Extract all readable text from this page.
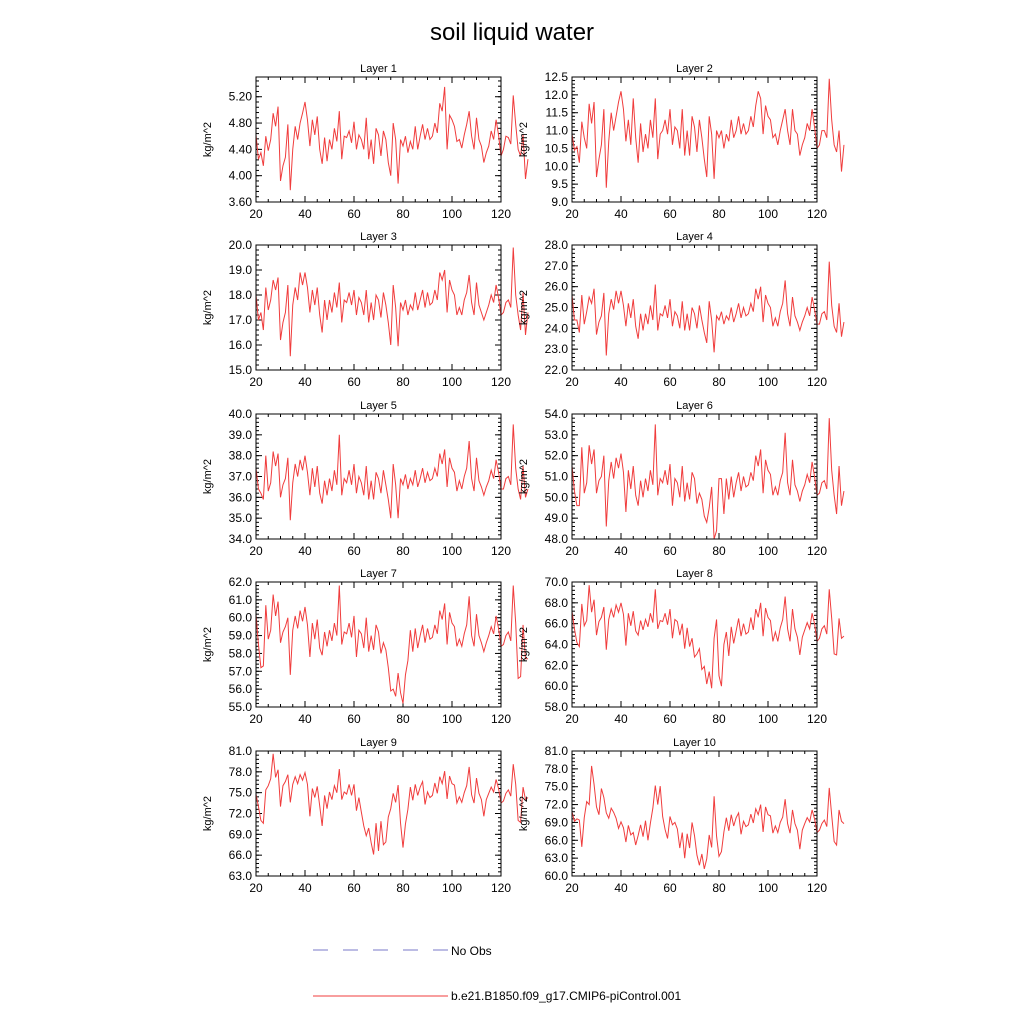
soil liquid water
Layer 1
kg/m^2
20	40	60	80	100 120
3.60
4.00
4.40
4.80
5.20
Layer 2
kg/m^2
20	40	60	80	100 120
9.0
9.5
10.0
10.5
11.0
11.5
12.0
12.5
Layer 3
kg/m^2
20	40	60	80	100 120
15.0
16.0
17.0
18.0
19.0
20.0
Layer 4
kg/m^2
20	40	60	80	100 120
22.0
23.0
24.0
25.0
26.0
27.0
28.0
Layer 5
kg/m^2
20	40	60	80	100 120
34.0
35.0
36.0
37.0
38.0
39.0
40.0
Layer 6
kg/m^2
20	40	60	80	100 120
48.0
49.0
50.0
51.0
52.0
53.0
54.0
Layer 7
kg/m^2
20	40	60	80	100 120
55.0
56.0
57.0
58.0
59.0
60.0
61.0
62.0
Layer 8
kg/m^2
20	40	60	80	100 120
58.0
60.0
62.0
64.0
66.0
68.0
70.0
Layer 9
kg/m^2
20	40	60	80	100 120
63.0
66.0
69.0
72.0
75.0
78.0
81.0
Layer 10
kg/m^2
20	40	60	80	100 120
60.0
63.0
66.0
69.0
72.0
75.0
78.0
81.0
No Obs
b.e21.B1850.f09_g17.CMIP6-piControl.001
